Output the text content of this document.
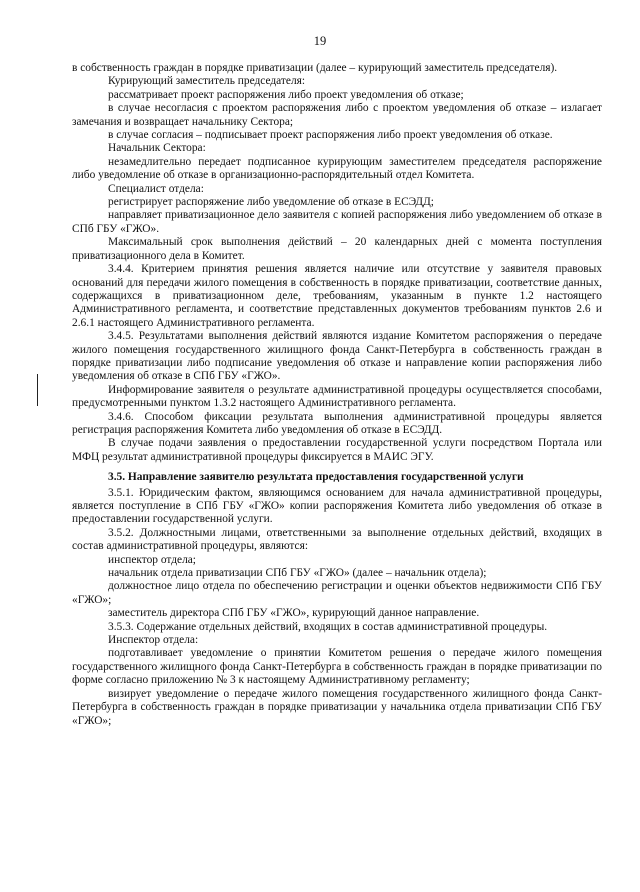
19

в собственность граждан в порядке приватизации (далее – курирующий заместитель председателя).

Курирующий заместитель председателя:

рассматривает проект распоряжения либо проект уведомления об отказе;

в случае несогласия с проектом распоряжения либо с проектом уведомления об отказе – излагает замечания и возвращает начальнику Сектора;

в случае согласия – подписывает проект распоряжения либо проект уведомления об отказе.

Начальник Сектора:

незамедлительно передает подписанное курирующим заместителем председателя распоряжение либо уведомление об отказе в организационно-распорядительный отдел Комитета.

Специалист отдела:

регистрирует распоряжение либо уведомление об отказе в ЕСЭДД;

направляет приватизационное дело заявителя с копией распоряжения либо уведомлением об отказе в СПб ГБУ «ГЖО».

Максимальный срок выполнения действий – 20 календарных дней с момента поступления приватизационного дела в Комитет.

3.4.4. Критерием принятия решения является наличие или отсутствие у заявителя правовых оснований для передачи жилого помещения в собственность в порядке приватизации, соответствие данных, содержащихся в приватизационном деле, требованиям, указанным в пункте 1.2 настоящего Административного регламента, и соответствие представленных документов требованиям пунктов 2.6 и 2.6.1 настоящего Административного регламента.

3.4.5. Результатами выполнения действий являются издание Комитетом распоряжения о передаче жилого помещения государственного жилищного фонда Санкт-Петербурга в собственность граждан в порядке приватизации либо подписание уведомления об отказе и направление копии распоряжения либо уведомления об отказе в СПб ГБУ «ГЖО».

Информирование заявителя о результате административной процедуры осуществляется способами, предусмотренными пунктом 1.3.2 настоящего Административного регламента.

3.4.6. Способом фиксации результата выполнения административной процедуры является регистрация распоряжения Комитета либо уведомления об отказе в ЕСЭДД.

В случае подачи заявления о предоставлении государственной услуги посредством Портала или МФЦ результат административной процедуры фиксируется в МАИС ЭГУ.

3.5. Направление заявителю результата предоставления государственной услуги

3.5.1. Юридическим фактом, являющимся основанием для начала административной процедуры, является поступление в СПб ГБУ «ГЖО» копии распоряжения Комитета либо уведомления об отказе в предоставлении государственной услуги.

3.5.2. Должностными лицами, ответственными за выполнение отдельных действий, входящих в состав административной процедуры, являются:

инспектор отдела;

начальник отдела приватизации СПб ГБУ «ГЖО» (далее – начальник отдела);

должностное лицо отдела по обеспечению регистрации и оценки объектов недвижимости СПб ГБУ «ГЖО»;

заместитель директора СПб ГБУ «ГЖО», курирующий данное направление.

3.5.3. Содержание отдельных действий, входящих в состав административной процедуры.

Инспектор отдела:

подготавливает уведомление о принятии Комитетом решения о передаче жилого помещения государственного жилищного фонда Санкт-Петербурга в собственность граждан в порядке приватизации по форме согласно приложению № 3 к настоящему Административному регламенту;

визирует уведомление о передаче жилого помещения государственного жилищного фонда Санкт-Петербурга в собственность граждан в порядке приватизации у начальника отдела приватизации СПб ГБУ «ГЖО»;
